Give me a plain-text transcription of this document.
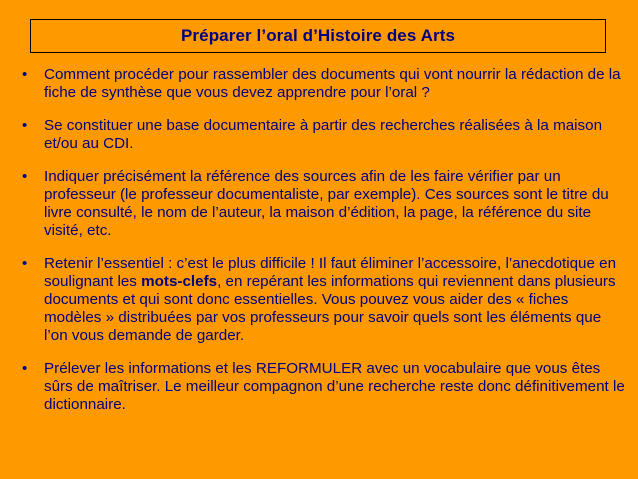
Préparer l’oral d’Histoire des Arts
•	Comment procéder pour rassembler des documents qui vont nourrir la rédaction de la fiche de synthèse que vous devez apprendre pour l’oral ?
•	Se constituer une base documentaire à partir des recherches réalisées à la maison et/ou au CDI.
•	Indiquer précisément la référence des sources afin de les faire vérifier par un professeur (le professeur documentaliste, par exemple). Ces sources sont le titre du livre consulté, le nom de l’auteur, la maison d’édition, la page, la référence du site visité, etc.
•	Retenir l’essentiel : c’est le plus difficile ! Il faut éliminer l’accessoire, l’anecdotique en soulignant les mots-clefs, en repérant les informations qui reviennent dans plusieurs documents et qui sont donc essentielles. Vous pouvez vous aider des « fiches modèles » distribuées par vos professeurs pour savoir quels sont les éléments que l’on vous demande de garder.
•	Prélever les informations et les REFORMULER avec un vocabulaire que vous êtes sûrs de maîtriser. Le meilleur compagnon d’une recherche reste donc définitivement le dictionnaire.
